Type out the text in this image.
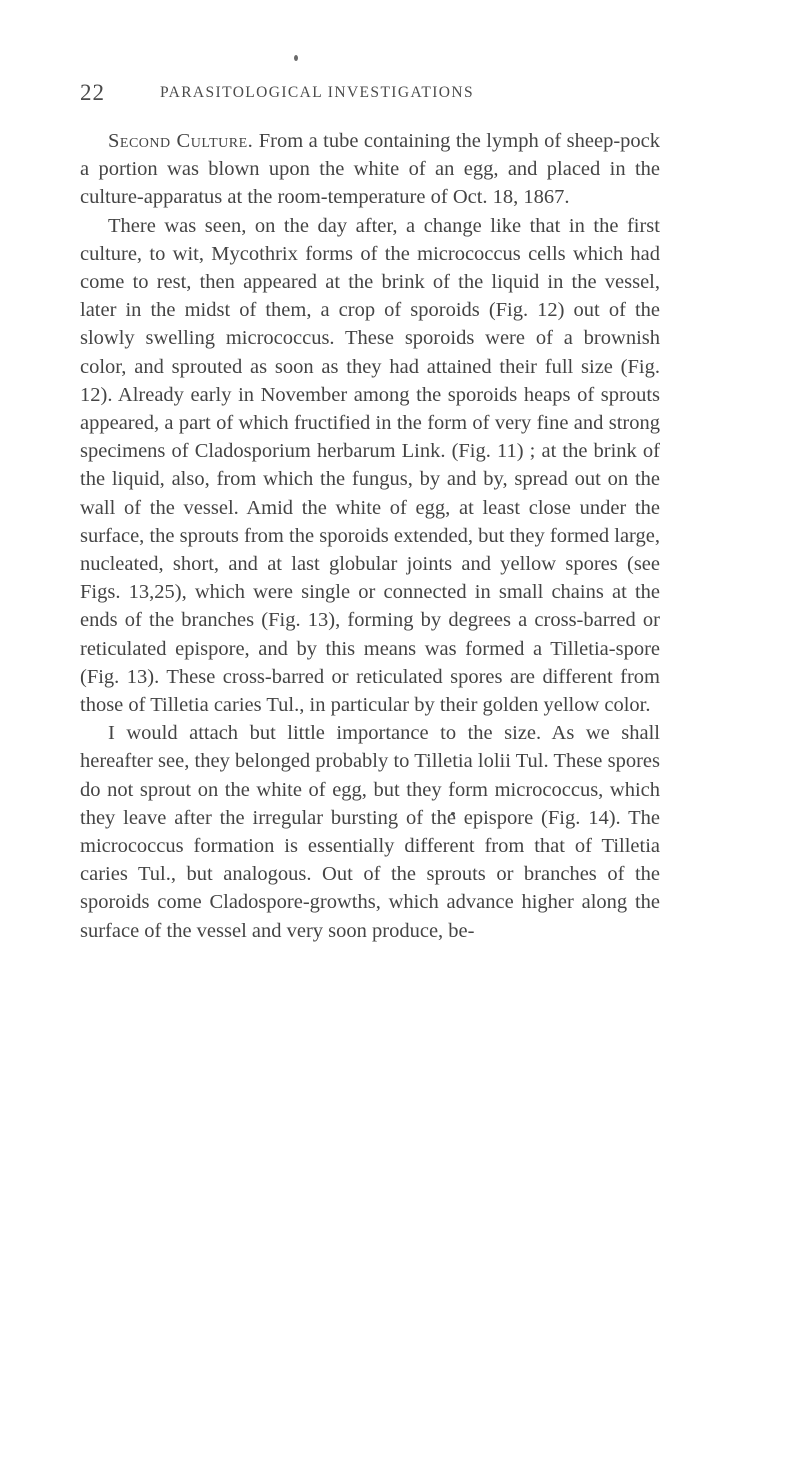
22	PARASITOLOGICAL INVESTIGATIONS

Second Culture. From a tube containing the lymph of sheep-pock a portion was blown upon the white of an egg, and placed in the culture-apparatus at the room-temperature of Oct. 18, 1867.

There was seen, on the day after, a change like that in the first culture, to wit, Mycothrix forms of the micrococcus cells which had come to rest, then appeared at the brink of the liquid in the vessel, later in the midst of them, a crop of sporoids (Fig. 12) out of the slowly swelling micrococcus. These sporoids were of a brownish color, and sprouted as soon as they had attained their full size (Fig. 12). Already early in November among the sporoids heaps of sprouts appeared, a part of which fructified in the form of very fine and strong specimens of Cladosporium herbarum Link. (Fig. 11) ; at the brink of the liquid, also, from which the fungus, by and by, spread out on the wall of the vessel. Amid the white of egg, at least close under the surface, the sprouts from the sporoids extended, but they formed large, nucleated, short, and at last globular joints and yellow spores (see Figs. 13,25), which were single or connected in small chains at the ends of the branches (Fig. 13), forming by degrees a cross-barred or reticulated epispore, and by this means was formed a Tilletia-spore (Fig. 13). These cross-barred or reticulated spores are different from those of Tilletia caries Tul., in particular by their golden yellow color.

I would attach but little importance to the size. As we shall hereafter see, they belonged probably to Tilletia lolii Tul. These spores do not sprout on the white of egg, but they form micrococcus, which they leave after the irregular bursting of the epispore (Fig. 14). The micrococcus formation is essentially different from that of Tilletia caries Tul., but analogous. Out of the sprouts or branches of the sporoids come Cladospore-growths, which advance higher along the surface of the vessel and very soon produce, be-
